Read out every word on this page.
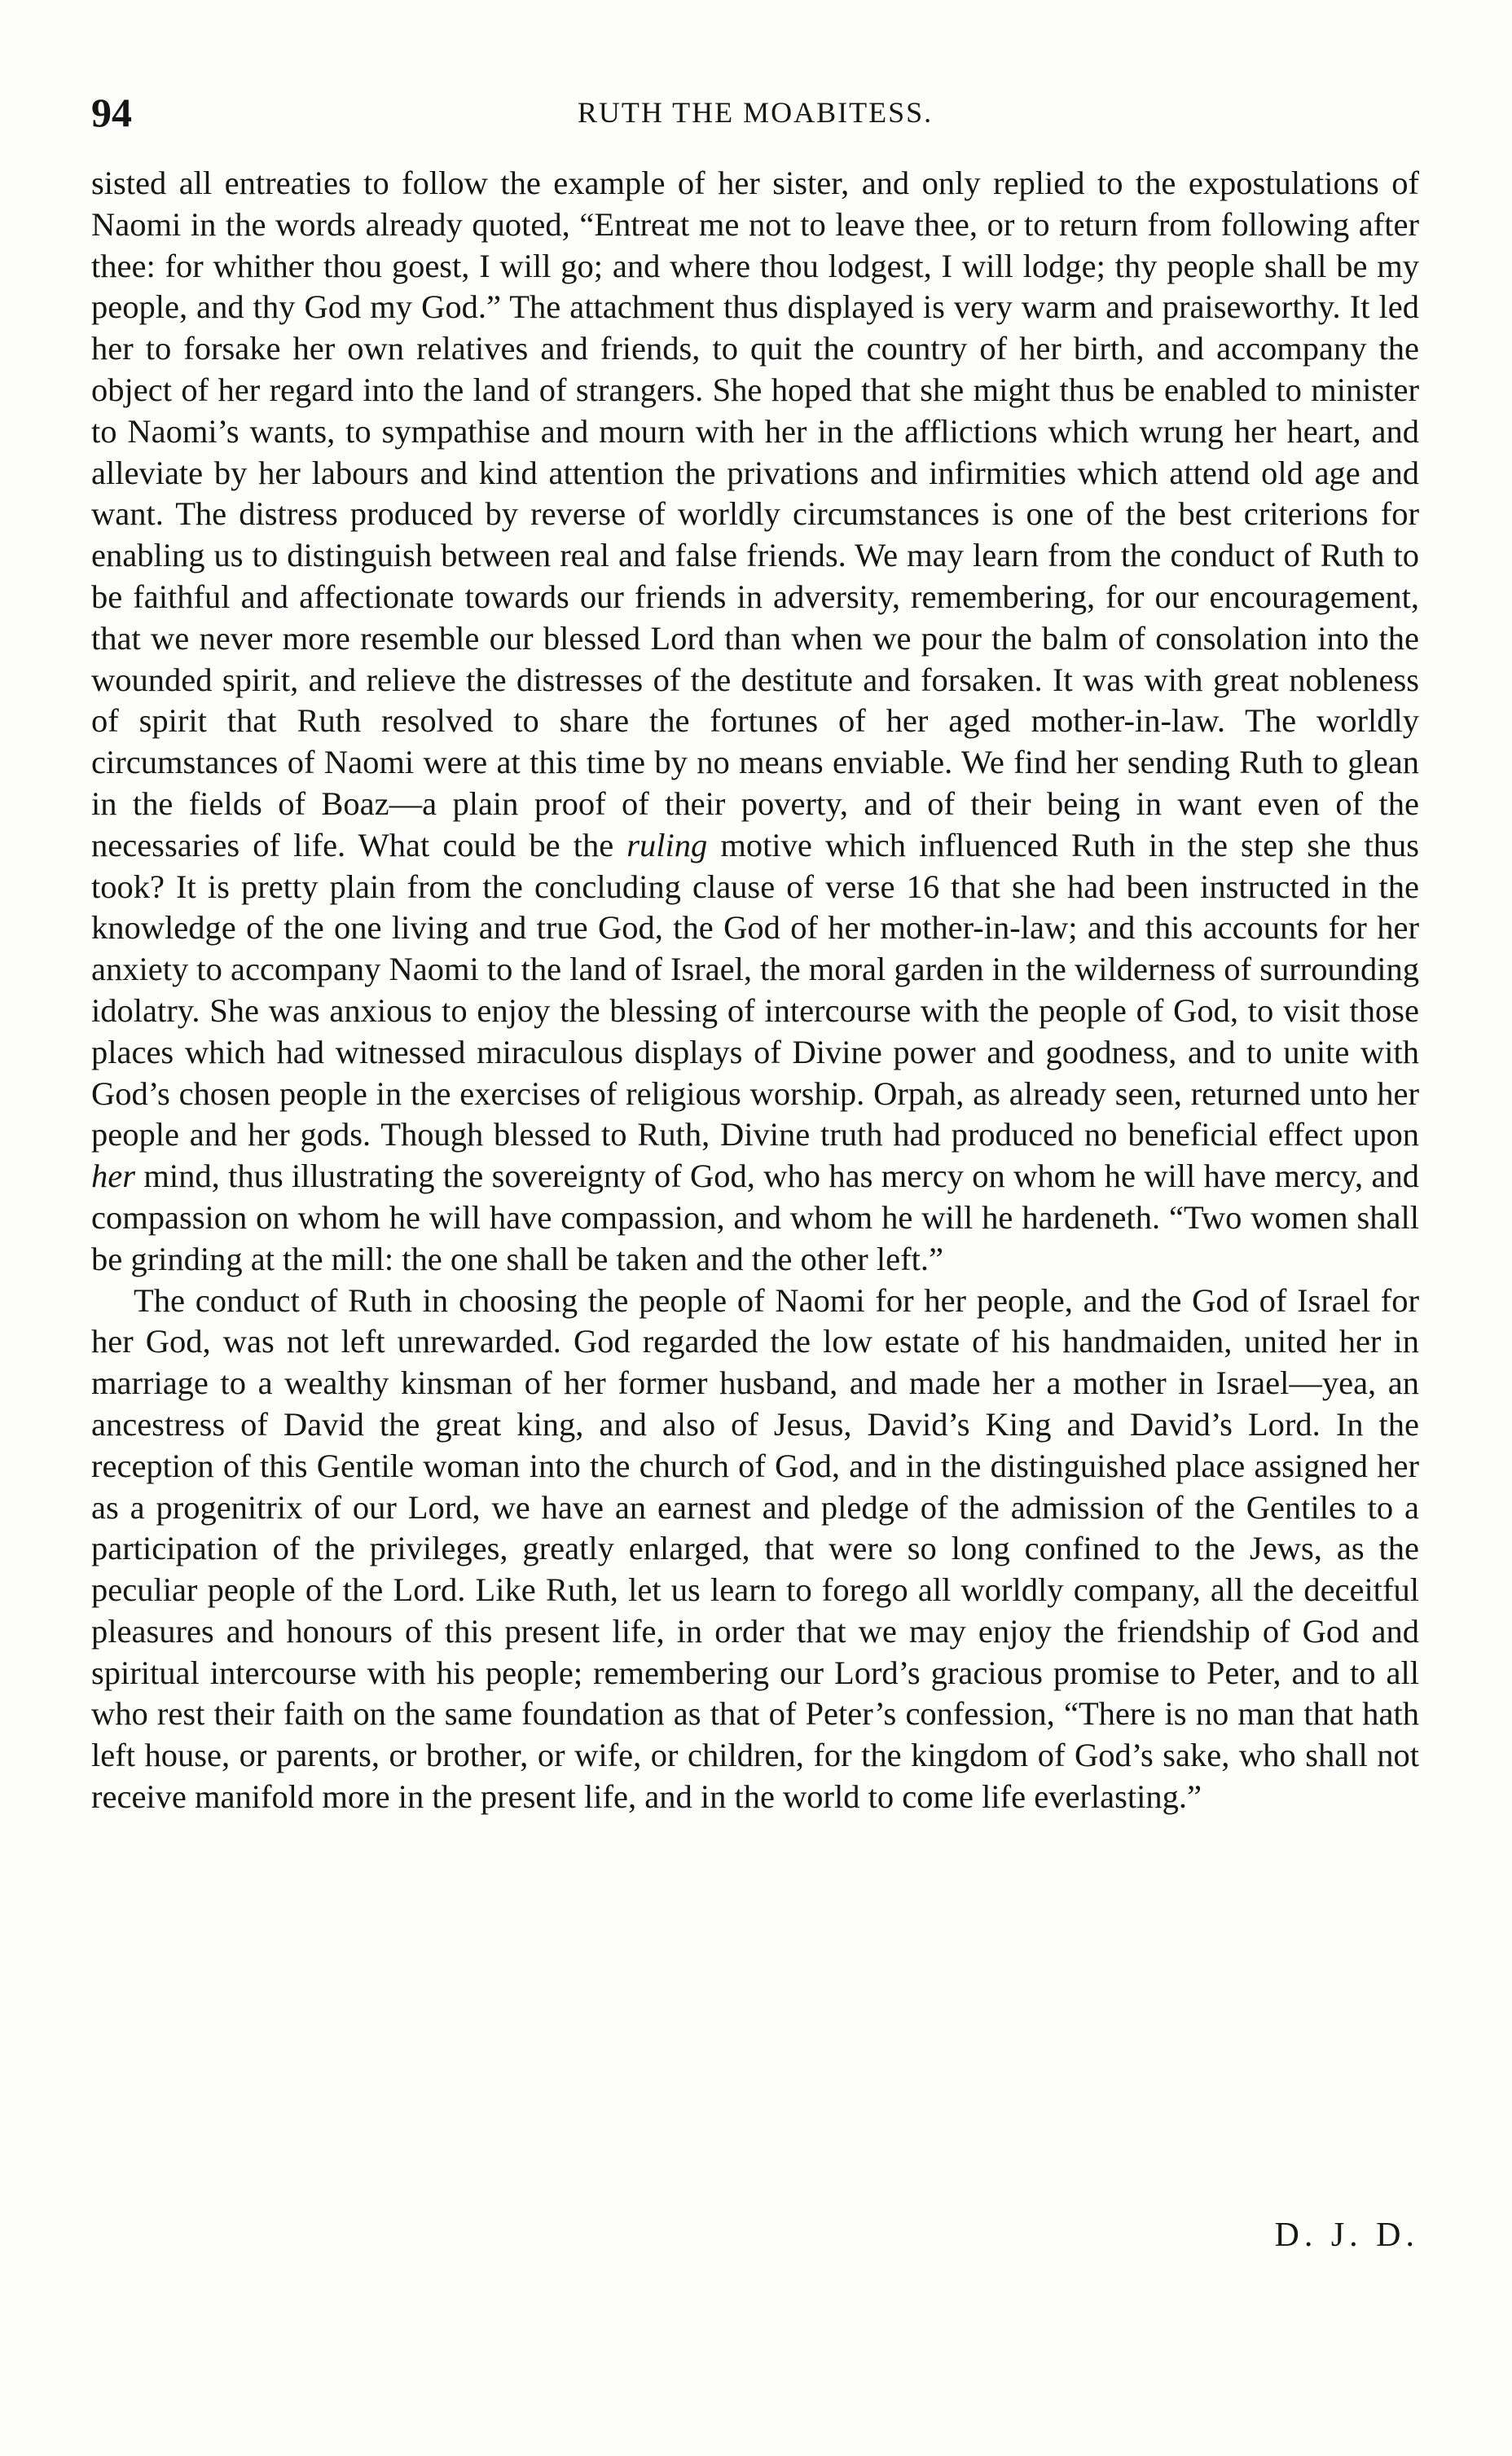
94	RUTH THE MOABITESS.

sisted all entreaties to follow the example of her sister, and only replied to the expostulations of Naomi in the words already quoted, “Entreat me not to leave thee, or to return from following after thee: for whither thou goest, I will go; and where thou lodgest, I will lodge; thy people shall be my people, and thy God my God.” The attachment thus displayed is very warm and praiseworthy. It led her to forsake her own relatives and friends, to quit the country of her birth, and accompany the object of her regard into the land of strangers. She hoped that she might thus be enabled to minister to Naomi’s wants, to sympathise and mourn with her in the afflictions which wrung her heart, and alleviate by her labours and kind attention the privations and infirmities which attend old age and want. The distress produced by reverse of worldly circumstances is one of the best criterions for enabling us to distinguish between real and false friends. We may learn from the conduct of Ruth to be faithful and affectionate towards our friends in adversity, remembering, for our encouragement, that we never more resemble our blessed Lord than when we pour the balm of consolation into the wounded spirit, and relieve the distresses of the destitute and forsaken. It was with great nobleness of spirit that Ruth resolved to share the fortunes of her aged mother-in-law. The worldly circumstances of Naomi were at this time by no means enviable. We find her sending Ruth to glean in the fields of Boaz—a plain proof of their poverty, and of their being in want even of the necessaries of life. What could be the ruling motive which influenced Ruth in the step she thus took? It is pretty plain from the concluding clause of verse 16 that she had been instructed in the knowledge of the one living and true God, the God of her mother-in-law; and this accounts for her anxiety to accompany Naomi to the land of Israel, the moral garden in the wilderness of surrounding idolatry. She was anxious to enjoy the blessing of intercourse with the people of God, to visit those places which had witnessed miraculous displays of Divine power and goodness, and to unite with God’s chosen people in the exercises of religious worship. Orpah, as already seen, returned unto her people and her gods. Though blessed to Ruth, Divine truth had produced no beneficial effect upon her mind, thus illustrating the sovereignty of God, who has mercy on whom he will have mercy, and compassion on whom he will have compassion, and whom he will he hardeneth. “Two women shall be grinding at the mill: the one shall be taken and the other left.”

The conduct of Ruth in choosing the people of Naomi for her people, and the God of Israel for her God, was not left unrewarded. God regarded the low estate of his handmaiden, united her in marriage to a wealthy kinsman of her former husband, and made her a mother in Israel—yea, an ancestress of David the great king, and also of Jesus, David’s King and David’s Lord. In the reception of this Gentile woman into the church of God, and in the distinguished place assigned her as a progenitrix of our Lord, we have an earnest and pledge of the admission of the Gentiles to a participation of the privileges, greatly enlarged, that were so long confined to the Jews, as the peculiar people of the Lord. Like Ruth, let us learn to forego all worldly company, all the deceitful pleasures and honours of this present life, in order that we may enjoy the friendship of God and spiritual intercourse with his people; remembering our Lord’s gracious promise to Peter, and to all who rest their faith on the same foundation as that of Peter’s confession, “There is no man that hath left house, or parents, or brother, or wife, or children, for the kingdom of God’s sake, who shall not receive manifold more in the present life, and in the world to come life everlasting.”

D. J. D.
